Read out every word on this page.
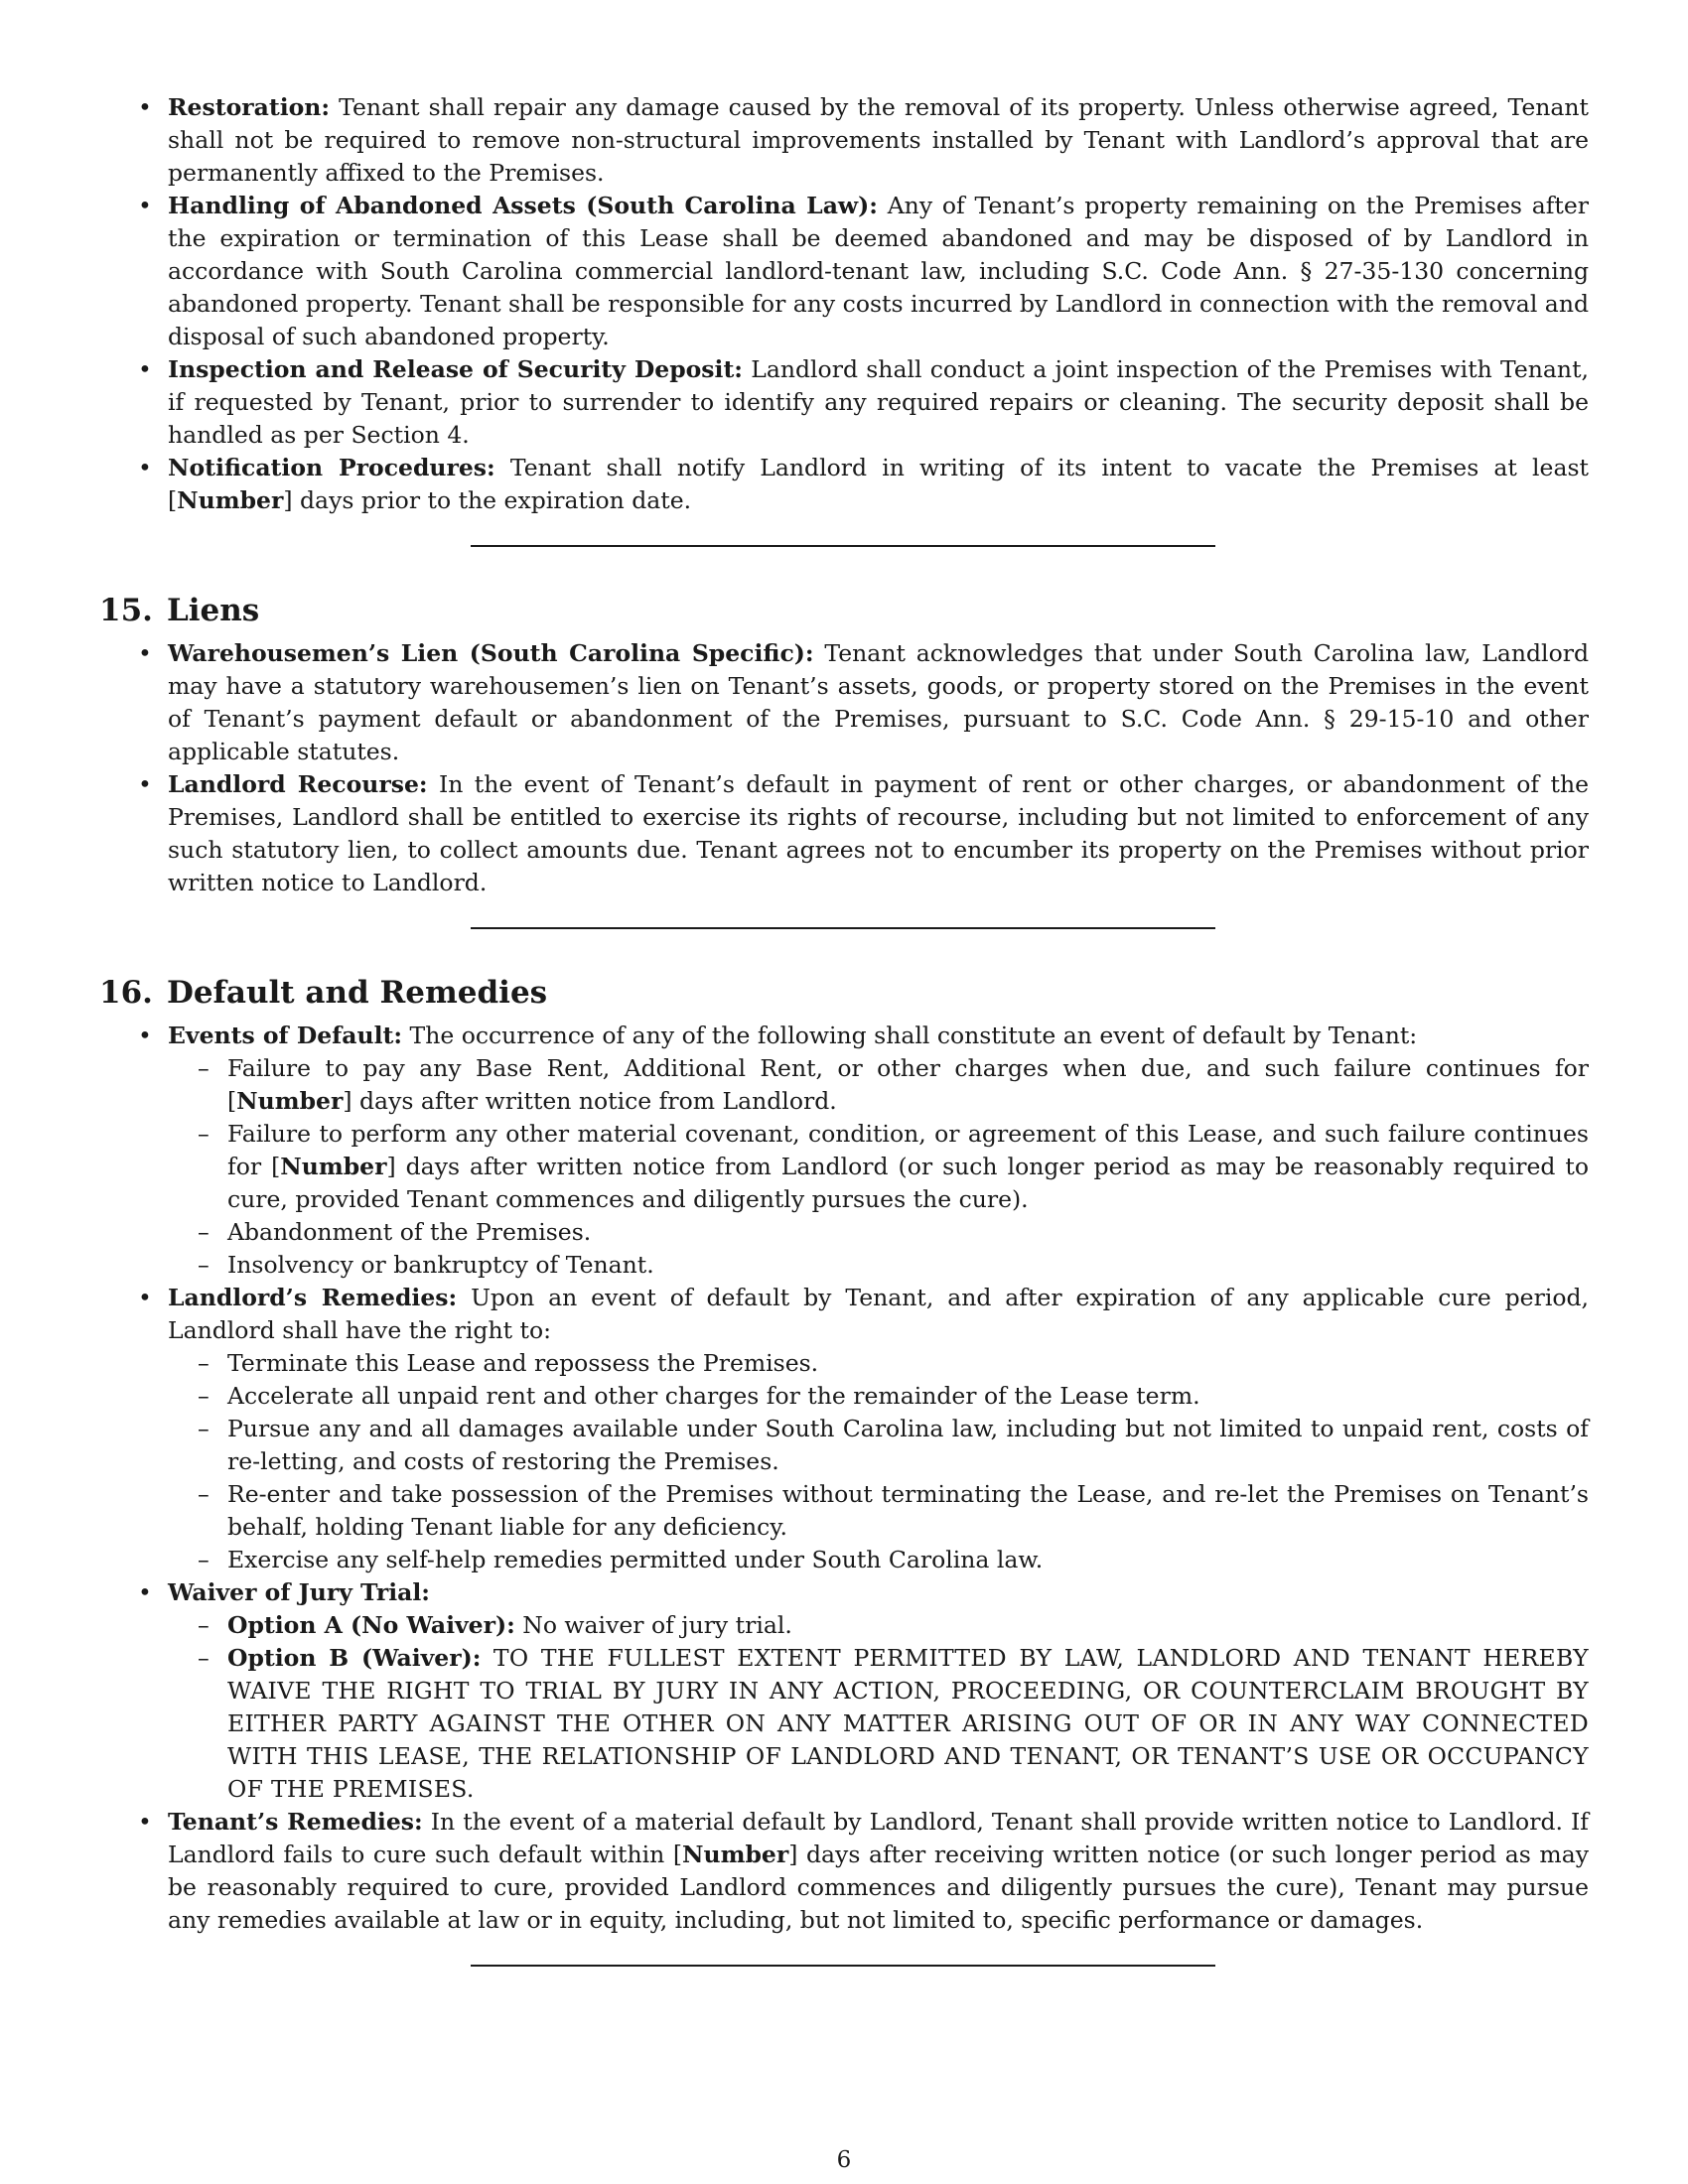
• Restoration: Tenant shall repair any damage caused by the removal of its property. Unless otherwise agreed, Tenant shall not be required to remove non-structural improvements installed by Tenant with Landlord’s approval that are permanently affixed to the Premises.
• Handling of Abandoned Assets (South Carolina Law): Any of Tenant’s property remaining on the Premises after the expiration or termination of this Lease shall be deemed abandoned and may be disposed of by Landlord in accordance with South Carolina commercial landlord-tenant law, including S.C. Code Ann. § 27-35-130 concerning abandoned property. Tenant shall be responsible for any costs incurred by Landlord in connection with the removal and disposal of such abandoned property.
• Inspection and Release of Security Deposit: Landlord shall conduct a joint inspection of the Premises with Tenant, if requested by Tenant, prior to surrender to identify any required repairs or cleaning. The security deposit shall be handled as per Section 4.
• Notification Procedures: Tenant shall notify Landlord in writing of its intent to vacate the Premises at least [Number] days prior to the expiration date.
15. Liens
• Warehousemen’s Lien (South Carolina Specific): Tenant acknowledges that under South Carolina law, Landlord may have a statutory warehousemen’s lien on Tenant’s assets, goods, or property stored on the Premises in the event of Tenant’s payment default or abandonment of the Premises, pursuant to S.C. Code Ann. § 29-15-10 and other applicable statutes.
• Landlord Recourse: In the event of Tenant’s default in payment of rent or other charges, or abandonment of the Premises, Landlord shall be entitled to exercise its rights of recourse, including but not limited to enforcement of any such statutory lien, to collect amounts due. Tenant agrees not to encumber its property on the Premises without prior written notice to Landlord.
16. Default and Remedies
• Events of Default: The occurrence of any of the following shall constitute an event of default by Tenant:
– Failure to pay any Base Rent, Additional Rent, or other charges when due, and such failure continues for [Number] days after written notice from Landlord.
– Failure to perform any other material covenant, condition, or agreement of this Lease, and such failure continues for [Number] days after written notice from Landlord (or such longer period as may be reasonably required to cure, provided Tenant commences and diligently pursues the cure).
– Abandonment of the Premises.
– Insolvency or bankruptcy of Tenant.
• Landlord’s Remedies: Upon an event of default by Tenant, and after expiration of any applicable cure period, Landlord shall have the right to:
– Terminate this Lease and repossess the Premises.
– Accelerate all unpaid rent and other charges for the remainder of the Lease term.
– Pursue any and all damages available under South Carolina law, including but not limited to unpaid rent, costs of re-letting, and costs of restoring the Premises.
– Re-enter and take possession of the Premises without terminating the Lease, and re-let the Premises on Tenant’s behalf, holding Tenant liable for any deficiency.
– Exercise any self-help remedies permitted under South Carolina law.
• Waiver of Jury Trial:
– Option A (No Waiver): No waiver of jury trial.
– Option B (Waiver): TO THE FULLEST EXTENT PERMITTED BY LAW, LANDLORD AND TENANT HEREBY WAIVE THE RIGHT TO TRIAL BY JURY IN ANY ACTION, PROCEEDING, OR COUNTERCLAIM BROUGHT BY EITHER PARTY AGAINST THE OTHER ON ANY MATTER ARISING OUT OF OR IN ANY WAY CONNECTED WITH THIS LEASE, THE RELATIONSHIP OF LANDLORD AND TENANT, OR TENANT’S USE OR OCCUPANCY OF THE PREMISES.
• Tenant’s Remedies: In the event of a material default by Landlord, Tenant shall provide written notice to Landlord. If Landlord fails to cure such default within [Number] days after receiving written notice (or such longer period as may be reasonably required to cure, provided Landlord commences and diligently pursues the cure), Tenant may pursue any remedies available at law or in equity, including, but not limited to, specific performance or damages.
6
